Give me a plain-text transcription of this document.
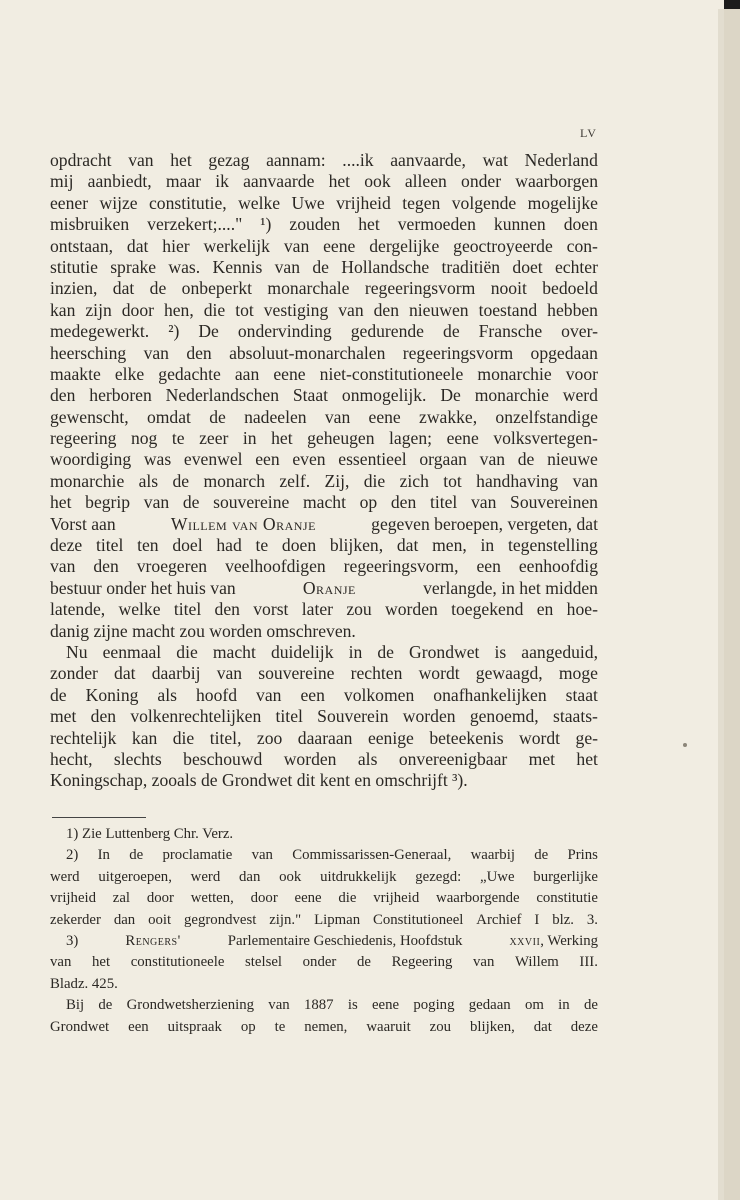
LV
opdracht van het gezag aannam: ....ik aanvaarde, wat Nederland
mij aanbiedt, maar ik aanvaarde het ook alleen onder waarborgen
eener wijze constitutie, welke Uwe vrijheid tegen volgende mogelijke
misbruiken verzekert;...." ¹) zouden het vermoeden kunnen doen
ontstaan, dat hier werkelijk van eene dergelijke geoctroyeerde con-
stitutie sprake was. Kennis van de Hollandsche traditiën doet echter
inzien, dat de onbeperkt monarchale regeeringsvorm nooit bedoeld
kan zijn door hen, die tot vestiging van den nieuwen toestand hebben
medegewerkt. ²) De ondervinding gedurende de Fransche over-
heersching van den absoluut-monarchalen regeeringsvorm opgedaan
maakte elke gedachte aan eene niet-constitutioneele monarchie voor
den herboren Nederlandschen Staat onmogelijk. De monarchie werd
gewenscht, omdat de nadeelen van eene zwakke, onzelfstandige
regeering nog te zeer in het geheugen lagen; eene volksvertegen-
woordiging was evenwel een even essentieel orgaan van de nieuwe
monarchie als de monarch zelf. Zij, die zich tot handhaving van
het begrip van de souvereine macht op den titel van Souvereinen
Vorst aan	Willem van Oranje	gegeven beroepen, vergeten, dat
deze titel ten doel had te doen blijken, dat men, in tegenstelling
van den vroegeren veelhoofdigen regeeringsvorm, een eenhoofdig
bestuur onder het huis van	Oranje	verlangde, in het midden
latende, welke titel den vorst later zou worden toegekend en hoe-
danig zijne macht zou worden omschreven.
Nu eenmaal die macht duidelijk in de Grondwet is aangeduid,
zonder dat daarbij van souvereine rechten wordt gewaagd, moge
de Koning als hoofd van een volkomen onafhankelijken staat
met den volkenrechtelijken titel Souverein worden genoemd, staats-
rechtelijk kan die titel, zoo daaraan eenige beteekenis wordt ge-
hecht, slechts beschouwd worden als onvereenigbaar met het
Koningschap, zooals de Grondwet dit kent en omschrijft ³).
1) Zie Luttenberg Chr. Verz.
2) In de proclamatie van Commissarissen-Generaal, waarbij de Prins
werd uitgeroepen, werd dan ook uitdrukkelijk gezegd: „Uwe burgerlijke
vrijheid zal door wetten, door eene die vrijheid waarborgende constitutie
zekerder dan ooit gegrondvest zijn." Lipman Constitutioneel Archief I blz. 3.
3)	Rengers'	Parlementaire Geschiedenis, Hoofdstuk	xxvii, Werking
van het constitutioneele stelsel onder de Regeering van Willem III.
Bladz. 425.
Bij de Grondwetsherziening van 1887 is eene poging gedaan om in de
Grondwet een uitspraak op te nemen, waaruit zou blijken, dat deze
